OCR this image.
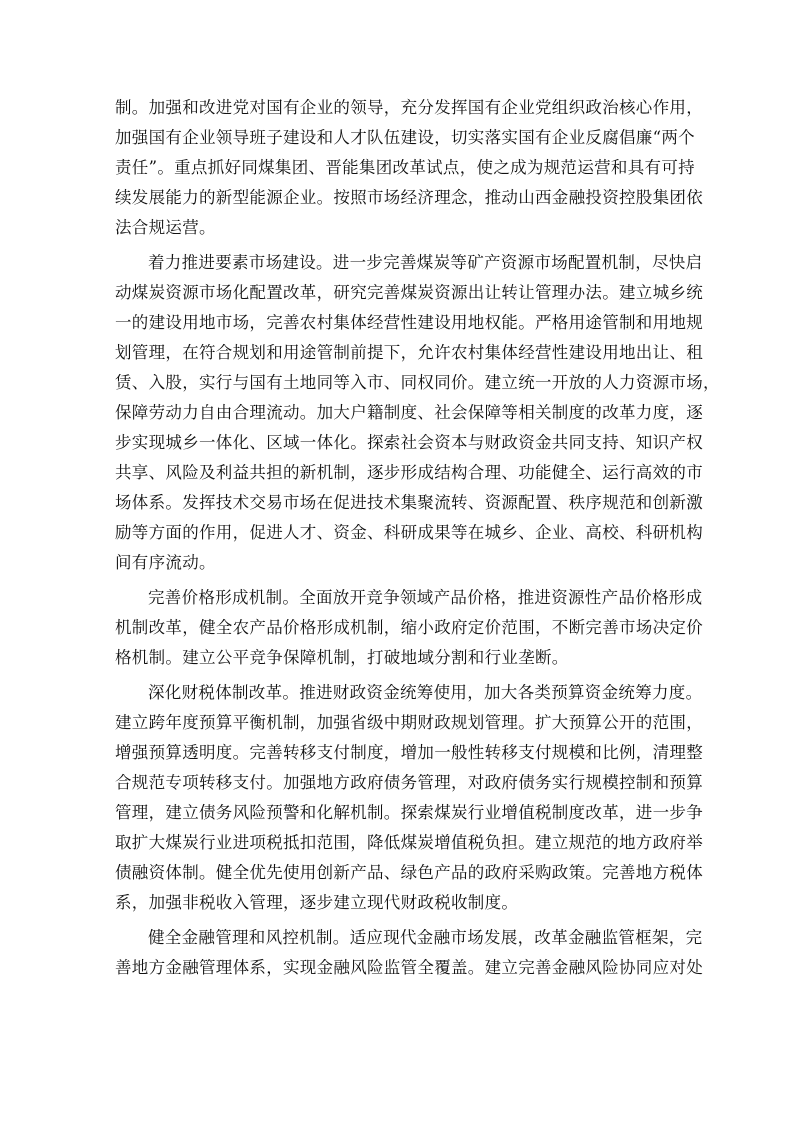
制。加强和改进党对国有企业的领导，充分发挥国有企业党组织政治核心作用，
加强国有企业领导班子建设和人才队伍建设，切实落实国有企业反腐倡廉“两个
责任”。重点抓好同煤集团、晋能集团改革试点，使之成为规范运营和具有可持
续发展能力的新型能源企业。按照市场经济理念，推动山西金融投资控股集团依
法合规运营。
着力推进要素市场建设。进一步完善煤炭等矿产资源市场配置机制，尽快启
动煤炭资源市场化配置改革，研究完善煤炭资源出让转让管理办法。建立城乡统
一的建设用地市场，完善农村集体经营性建设用地权能。严格用途管制和用地规
划管理，在符合规划和用途管制前提下，允许农村集体经营性建设用地出让、租
赁、入股，实行与国有土地同等入市、同权同价。建立统一开放的人力资源市场，
保障劳动力自由合理流动。加大户籍制度、社会保障等相关制度的改革力度，逐
步实现城乡一体化、区域一体化。探索社会资本与财政资金共同支持、知识产权
共享、风险及利益共担的新机制，逐步形成结构合理、功能健全、运行高效的市
场体系。发挥技术交易市场在促进技术集聚流转、资源配置、秩序规范和创新激
励等方面的作用，促进人才、资金、科研成果等在城乡、企业、高校、科研机构
间有序流动。
完善价格形成机制。全面放开竞争领域产品价格，推进资源性产品价格形成
机制改革，健全农产品价格形成机制，缩小政府定价范围，不断完善市场决定价
格机制。建立公平竞争保障机制，打破地域分割和行业垄断。
深化财税体制改革。推进财政资金统筹使用，加大各类预算资金统筹力度。
建立跨年度预算平衡机制，加强省级中期财政规划管理。扩大预算公开的范围，
增强预算透明度。完善转移支付制度，增加一般性转移支付规模和比例，清理整
合规范专项转移支付。加强地方政府债务管理，对政府债务实行规模控制和预算
管理，建立债务风险预警和化解机制。探索煤炭行业增值税制度改革，进一步争
取扩大煤炭行业进项税抵扣范围，降低煤炭增值税负担。建立规范的地方政府举
债融资体制。健全优先使用创新产品、绿色产品的政府采购政策。完善地方税体
系，加强非税收入管理，逐步建立现代财政税收制度。
健全金融管理和风控机制。适应现代金融市场发展，改革金融监管框架，完
善地方金融管理体系，实现金融风险监管全覆盖。建立完善金融风险协同应对处
